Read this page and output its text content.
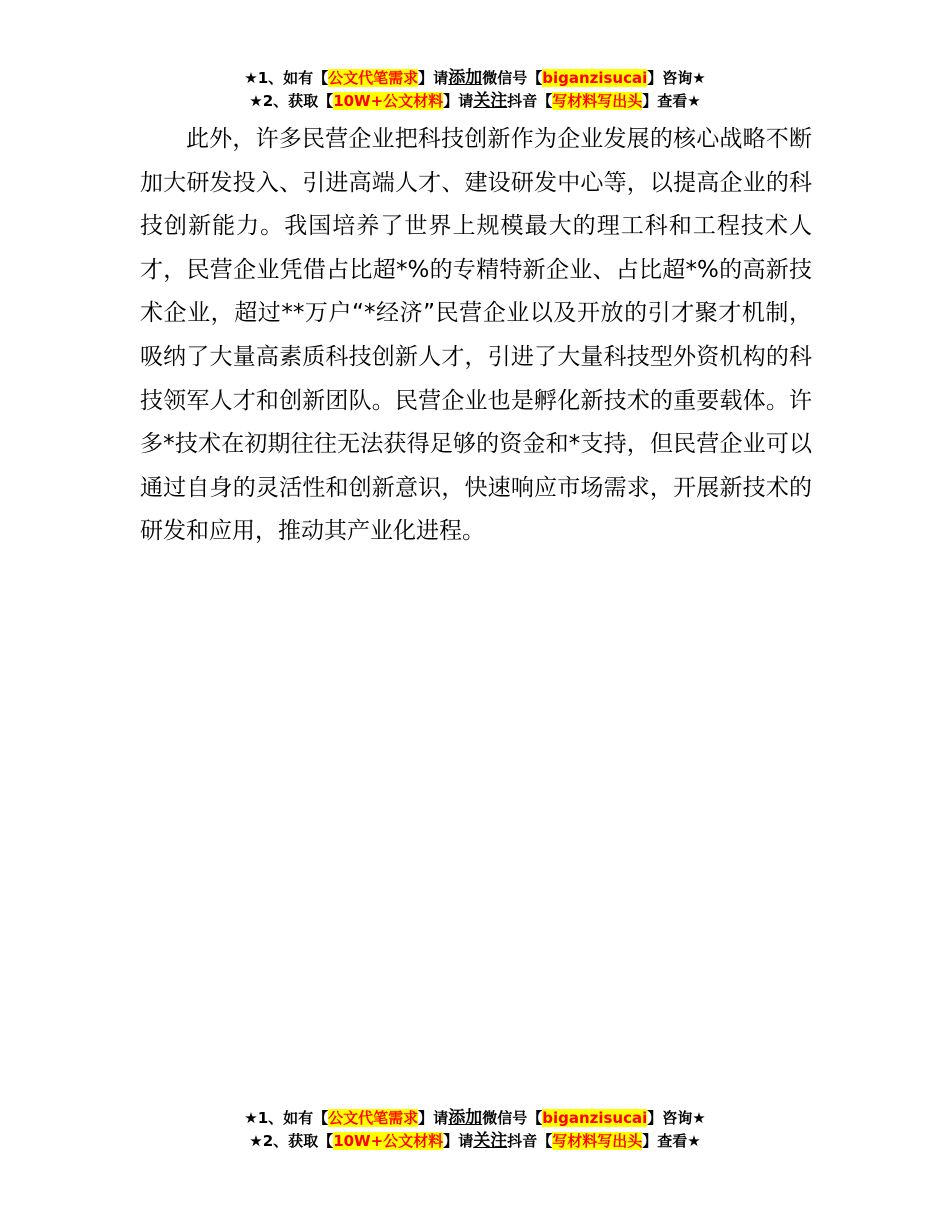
★1、如有【公文代笔需求】请添加微信号【biganzisucai】咨询★
★2、获取【10W+公文材料】请关注抖音【写材料写出头】查看★

此外，许多民营企业把科技创新作为企业发展的核心战略不断加大研发投入、引进高端人才、建设研发中心等，以提高企业的科技创新能力。我国培养了世界上规模最大的理工科和工程技术人才，民营企业凭借占比超*%的专精特新企业、占比超*%的高新技术企业，超过**万户“*经济”民营企业以及开放的引才聚才机制，吸纳了大量高素质科技创新人才，引进了大量科技型外资机构的科技领军人才和创新团队。民营企业也是孵化新技术的重要载体。许多*技术在初期往往无法获得足够的资金和*支持，但民营企业可以通过自身的灵活性和创新意识，快速响应市场需求，开展新技术的研发和应用，推动其产业化进程。

★1、如有【公文代笔需求】请添加微信号【biganzisucai】咨询★
★2、获取【10W+公文材料】请关注抖音【写材料写出头】查看★
